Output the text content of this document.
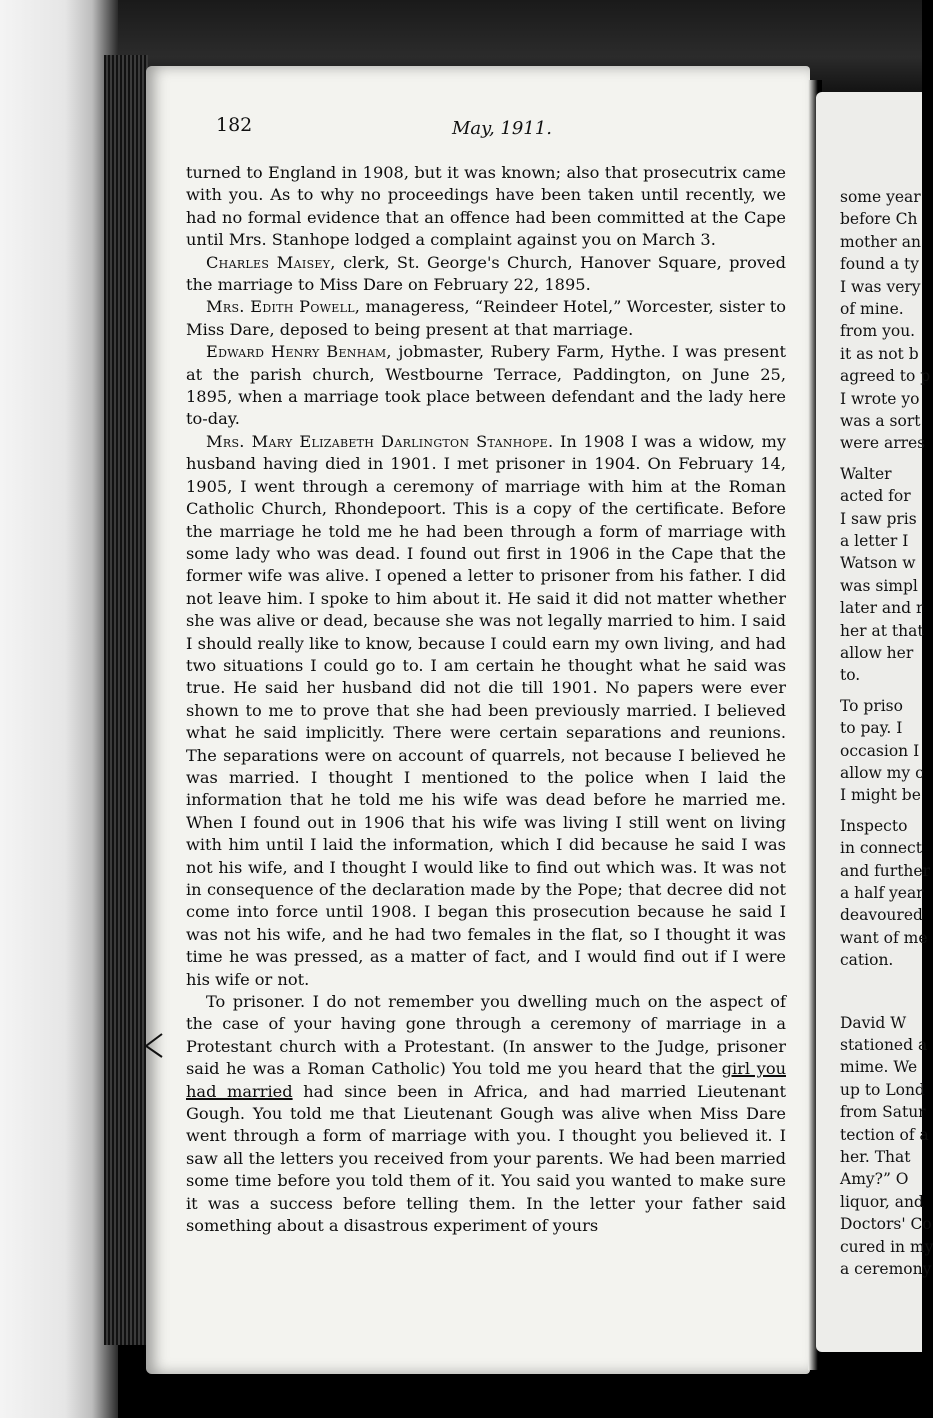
182	May, 1911.

turned to England in 1908, but it was known; also that prosecutrix came with you. As to why no proceedings have been taken until recently, we had no formal evidence that an offence had been committed at the Cape until Mrs. Stanhope lodged a complaint against you on March 3.

Charles Maisey, clerk, St. George's Church, Hanover Square, proved the marriage to Miss Dare on February 22, 1895.

Mrs. Edith Powell, manageress, “Reindeer Hotel,” Worcester, sister to Miss Dare, deposed to being present at that marriage.

Edward Henry Benham, jobmaster, Rubery Farm, Hythe. I was present at the parish church, Westbourne Terrace, Paddington, on June 25, 1895, when a marriage took place between defendant and the lady here to-day.

Mrs. Mary Elizabeth Darlington Stanhope. In 1908 I was a widow, my husband having died in 1901. I met prisoner in 1904. On February 14, 1905, I went through a ceremony of marriage with him at the Roman Catholic Church, Rhondepoort. This is a copy of the certificate. Before the marriage he told me he had been through a form of marriage with some lady who was dead. I found out first in 1906 in the Cape that the former wife was alive. I opened a letter to prisoner from his father. I did not leave him. I spoke to him about it. He said it did not matter whether she was alive or dead, because she was not legally married to him. I said I should really like to know, because I could earn my own living, and had two situations I could go to. I am certain he thought what he said was true. He said her husband did not die till 1901. No papers were ever shown to me to prove that she had been previously married. I believed what he said implicitly. There were certain separations and reunions. The separations were on account of quarrels, not because I believed he was married. I thought I mentioned to the police when I laid the information that he told me his wife was dead before he married me. When I found out in 1906 that his wife was living I still went on living with him until I laid the information, which I did because he said I was not his wife, and I thought I would like to find out which was. It was not in consequence of the declaration made by the Pope; that decree did not come into force until 1908. I began this prosecution because he said I was not his wife, and he had two females in the flat, so I thought it was time he was pressed, as a matter of fact, and I would find out if I were his wife or not.

To prisoner. I do not remember you dwelling much on the aspect of the case of your having gone through a ceremony of marriage in a Protestant church with a Protestant. (In answer to the Judge, prisoner said he was a Roman Catholic) You told me you heard that the girl you had married had since been in Africa, and had married Lieutenant Gough. You told me that Lieutenant Gough was alive when Miss Dare went through a form of marriage with you. I thought you believed it. I saw all the letters you received from your parents. We had been married some time before you told them of it. You said you wanted to make sure it was a success before telling them. In the letter your father said something about a disastrous experiment of yours

some year
before Ch
mother an
found a ty
I was very
of mine.
from you.
it as not b
agreed to p
I wrote yo
was a sort
were arres
Walter
acted for
I saw pris
a letter I
Watson w
was simpl
later and r
her at that
allow her
to.
To priso
to pay. I
occasion I
allow my c
I might be
Inspecto
in connect
and further
a half year
deavoured
want of me
cation.
David W
stationed a
mime. We
up to Lond
from Satur
tection of a
her. That
Amy?” O
liquor, and
Doctors' Co
cured in my
a ceremony
